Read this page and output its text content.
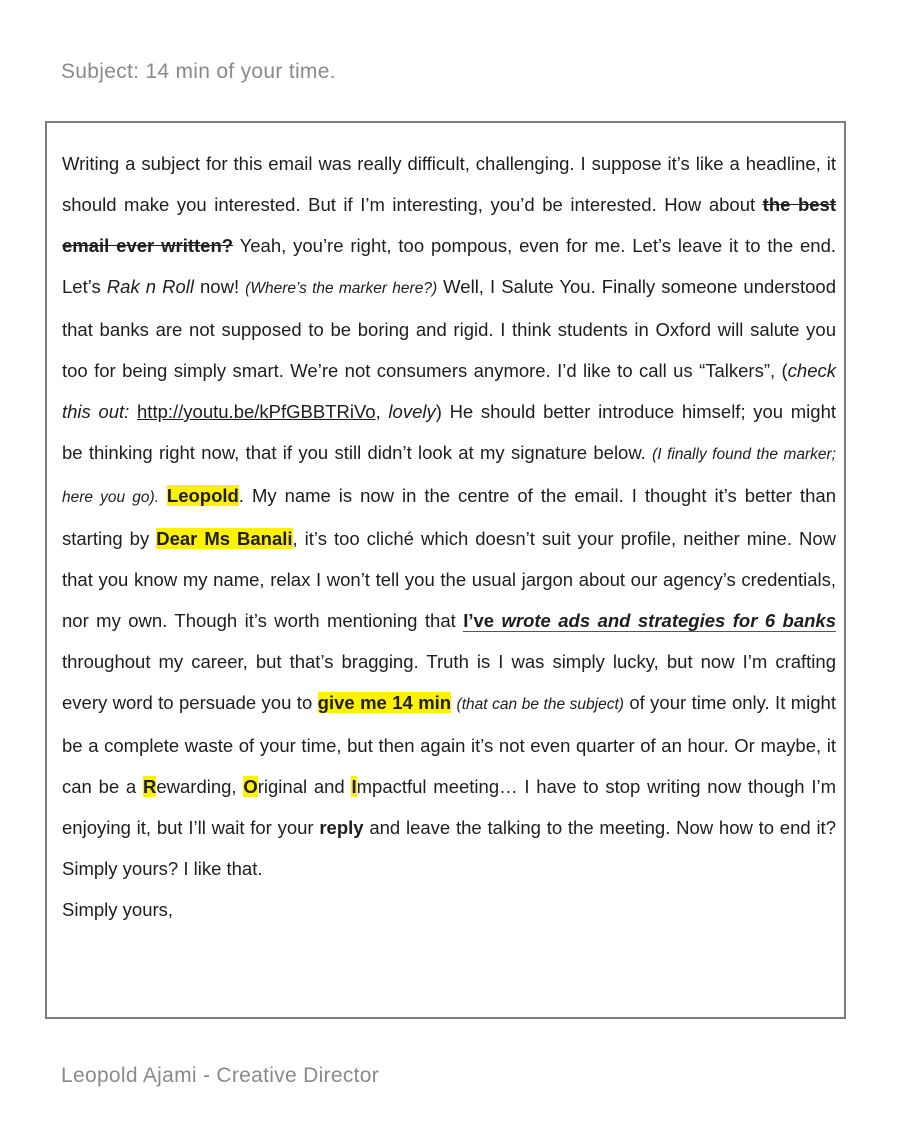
Subject: 14 min of your time.

Writing a subject for this email was really difficult, challenging. I suppose it’s like a headline, it should make you interested. But if I’m interesting, you’d be interested. How about the best email ever written? Yeah, you’re right, too pompous, even for me. Let’s leave it to the end. Let’s Rak n Roll now! (Where’s the marker here?) Well, I Salute You. Finally someone understood that banks are not supposed to be boring and rigid. I think students in Oxford will salute you too for being simply smart. We’re not consumers anymore. I’d like to call us “Talkers”, (check this out: http://youtu.be/kPfGBBTRiVo, lovely) He should better introduce himself; you might be thinking right now, that if you still didn’t look at my signature below. (I finally found the marker; here you go). Leopold. My name is now in the centre of the email. I thought it’s better than starting by Dear Ms Banali, it’s too cliché which doesn’t suit your profile, neither mine. Now that you know my name, relax I won’t tell you the usual jargon about our agency’s credentials, nor my own. Though it’s worth mentioning that I’ve wrote ads and strategies for 6 banks throughout my career, but that’s bragging. Truth is I was simply lucky, but now I’m crafting every word to persuade you to give me 14 min (that can be the subject) of your time only. It might be a complete waste of your time, but then again it’s not even quarter of an hour. Or maybe, it can be a Rewarding, Original and Impactful meeting… I have to stop writing now though I’m enjoying it, but I’ll wait for your reply and leave the talking to the meeting. Now how to end it? Simply yours? I like that.

Simply yours,

Leopold Ajami - Creative Director
